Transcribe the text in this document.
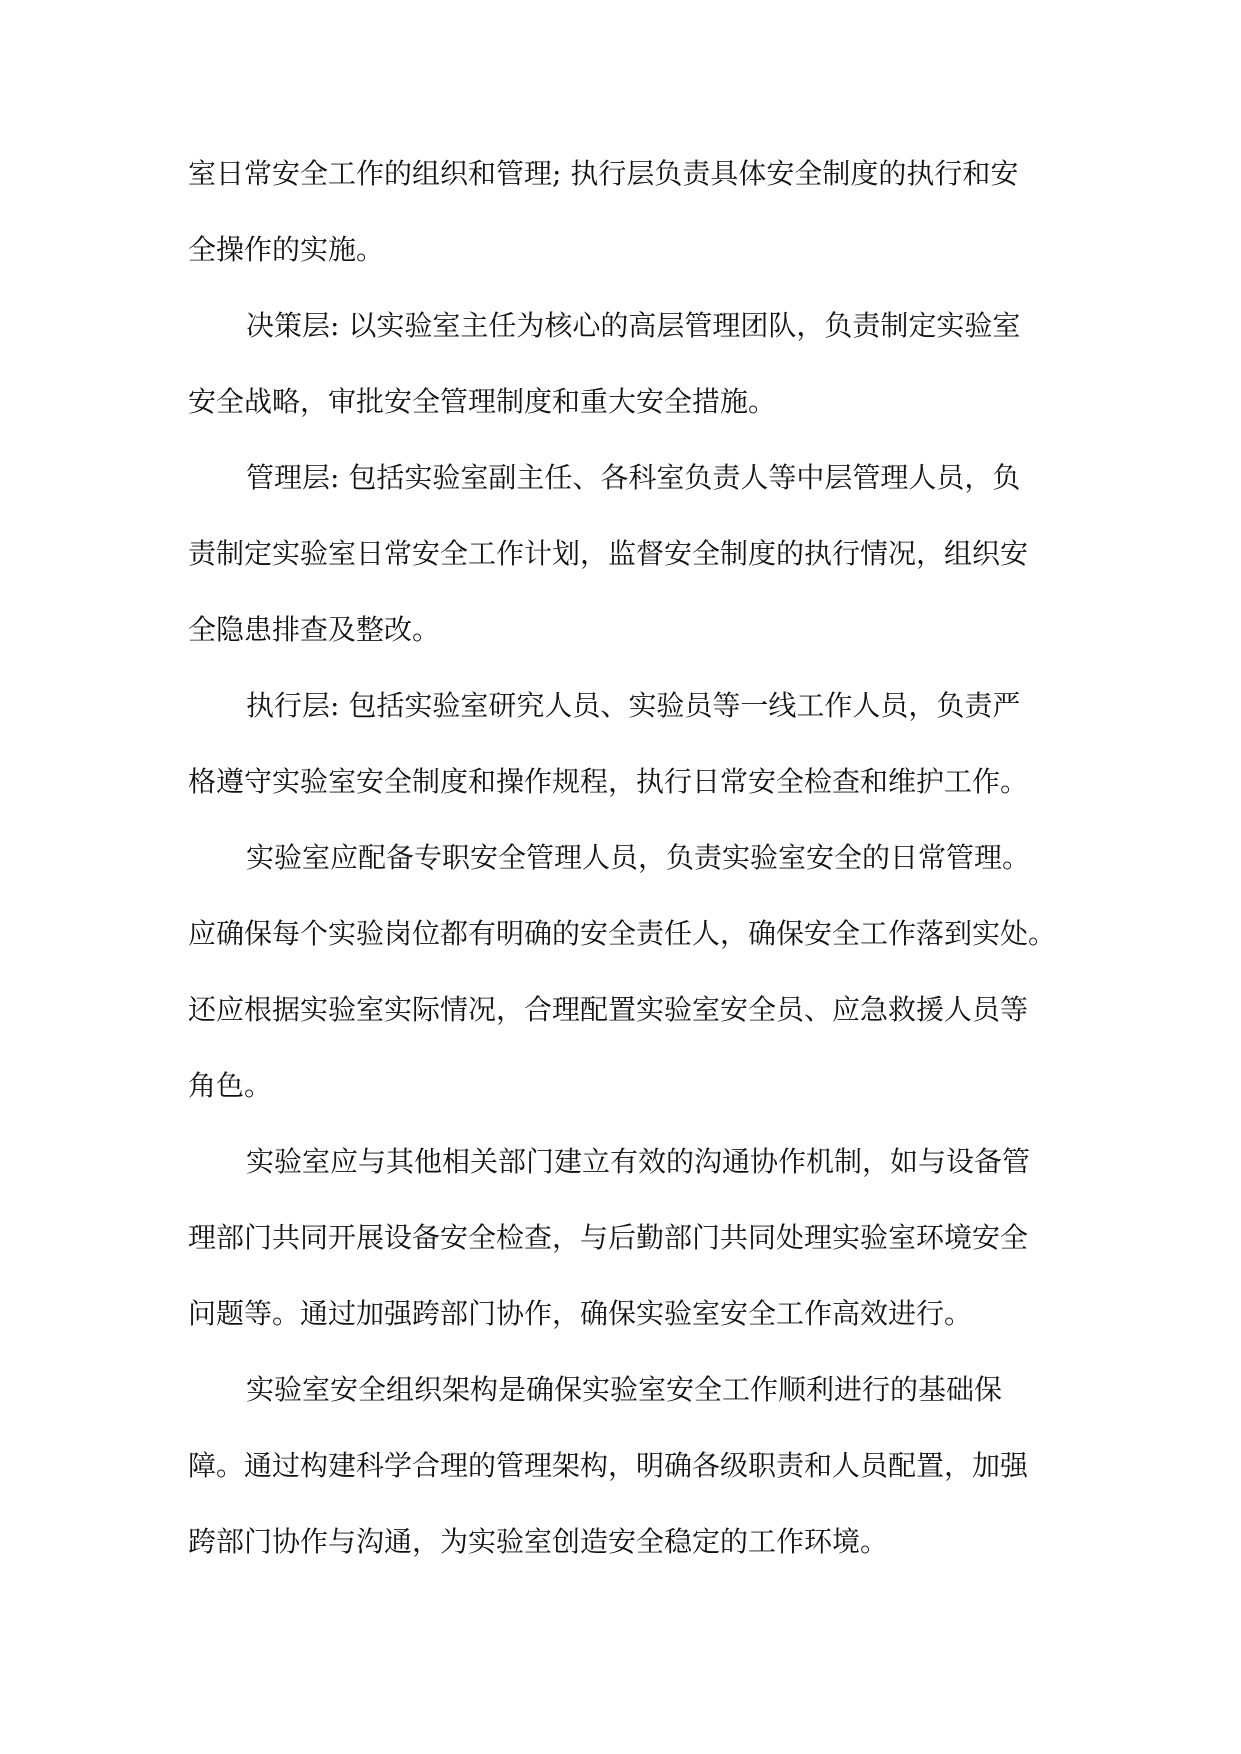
室日常安全工作的组织和管理; 执行层负责具体安全制度的执行和安

全操作的实施。

决策层: 以实验室主任为核心的高层管理团队，负责制定实验室

安全战略，审批安全管理制度和重大安全措施。

管理层: 包括实验室副主任、各科室负责人等中层管理人员，负

责制定实验室日常安全工作计划，监督安全制度的执行情况，组织安

全隐患排查及整改。

执行层: 包括实验室研究人员、实验员等一线工作人员，负责严

格遵守实验室安全制度和操作规程，执行日常安全检查和维护工作。

实验室应配备专职安全管理人员，负责实验室安全的日常管理。

应确保每个实验岗位都有明确的安全责任人，确保安全工作落到实处。

还应根据实验室实际情况，合理配置实验室安全员、应急救援人员等

角色。

实验室应与其他相关部门建立有效的沟通协作机制，如与设备管

理部门共同开展设备安全检查，与后勤部门共同处理实验室环境安全

问题等。通过加强跨部门协作，确保实验室安全工作高效进行。

实验室安全组织架构是确保实验室安全工作顺利进行的基础保

障。通过构建科学合理的管理架构，明确各级职责和人员配置，加强

跨部门协作与沟通，为实验室创造安全稳定的工作环境。
